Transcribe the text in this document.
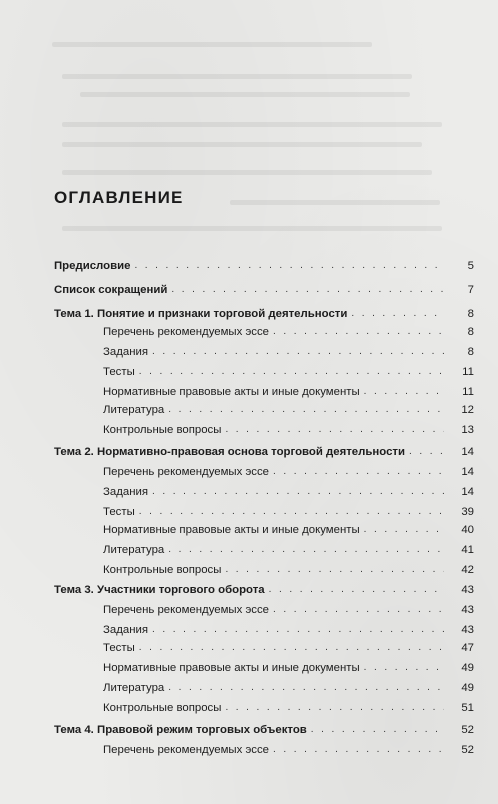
ОГЛАВЛЕНИЕ
Предисловие . . .	5
Список сокращений . . .	7
Тема 1. Понятие и признаки торговой деятельности . . .	8
Перечень рекомендуемых эссе . . .	8
Задания . . .	8
Тесты . . .	11
Нормативные правовые акты и иные документы . . .	11
Литература . . .	12
Контрольные вопросы . . .	13
Тема 2. Нормативно-правовая основа торговой деятельности . . .	14
Перечень рекомендуемых эссе . . .	14
Задания . . .	14
Тесты . . .	39
Нормативные правовые акты и иные документы . . .	40
Литература . . .	41
Контрольные вопросы . . .	42
Тема 3. Участники торгового оборота . . .	43
Перечень рекомендуемых эссе . . .	43
Задания . . .	43
Тесты . . .	47
Нормативные правовые акты и иные документы . . .	49
Литература . . .	49
Контрольные вопросы . . .	51
Тема 4. Правовой режим торговых объектов . . .	52
Перечень рекомендуемых эссе . . .	52
